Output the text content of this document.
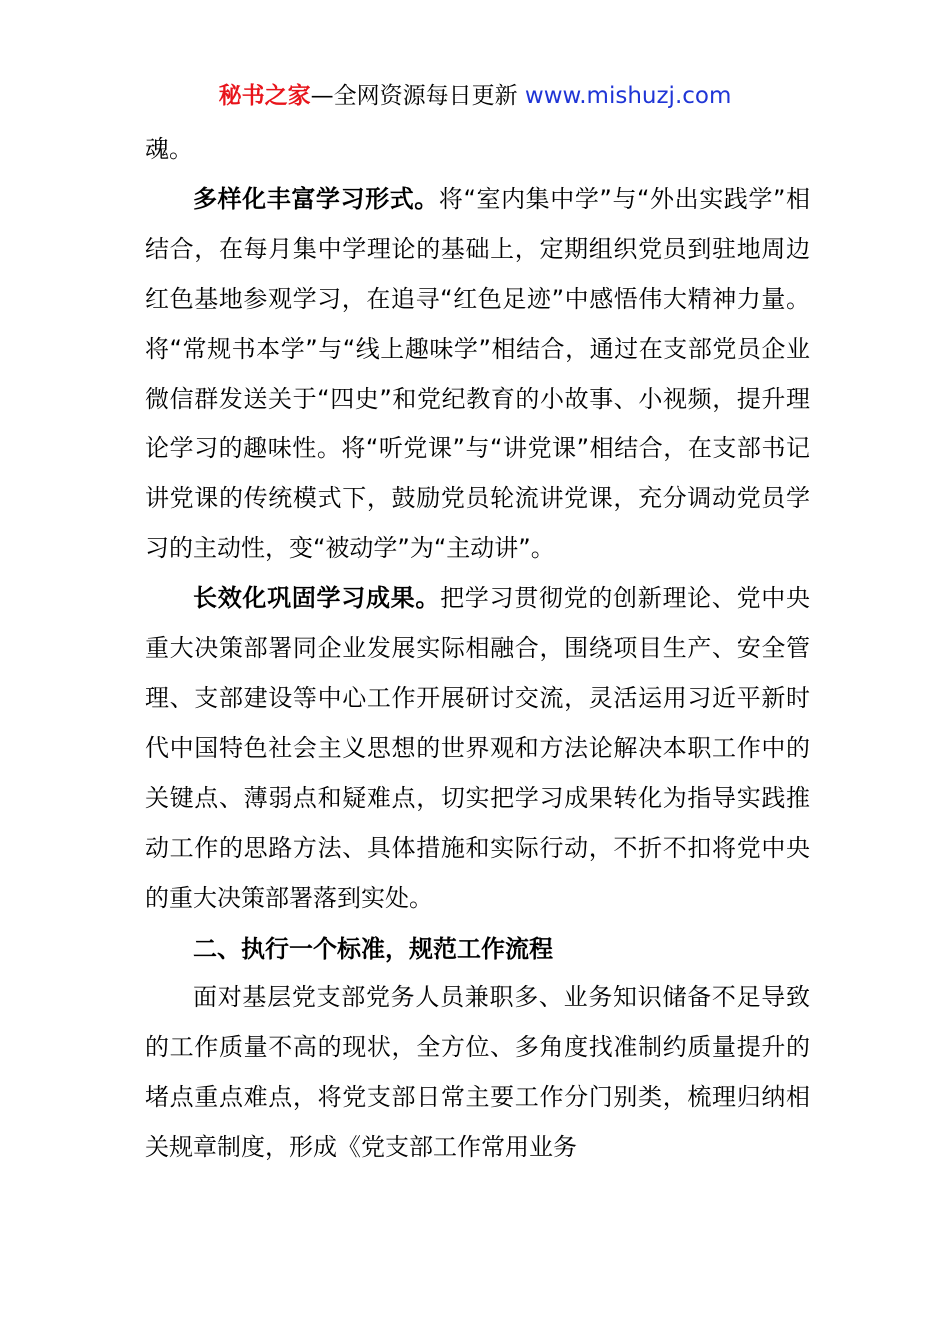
秘书之家—全网资源每日更新 www.mishuzj.com

魂。

多样化丰富学习形式。将“室内集中学”与“外出实践学”相结合，在每月集中学理论的基础上，定期组织党员到驻地周边红色基地参观学习，在追寻“红色足迹”中感悟伟大精神力量。将“常规书本学”与“线上趣味学”相结合，通过在支部党员企业微信群发送关于“四史”和党纪教育的小故事、小视频，提升理论学习的趣味性。将“听党课”与“讲党课”相结合，在支部书记讲党课的传统模式下，鼓励党员轮流讲党课，充分调动党员学习的主动性，变“被动学”为“主动讲”。

长效化巩固学习成果。把学习贯彻党的创新理论、党中央重大决策部署同企业发展实际相融合，围绕项目生产、安全管理、支部建设等中心工作开展研讨交流，灵活运用习近平新时代中国特色社会主义思想的世界观和方法论解决本职工作中的关键点、薄弱点和疑难点，切实把学习成果转化为指导实践推动工作的思路方法、具体措施和实际行动，不折不扣将党中央的重大决策部署落到实处。

二、执行一个标准，规范工作流程

面对基层党支部党务人员兼职多、业务知识储备不足导致的工作质量不高的现状，全方位、多角度找准制约质量提升的堵点重点难点，将党支部日常主要工作分门别类，梳理归纳相关规章制度，形成《党支部工作常用业务
